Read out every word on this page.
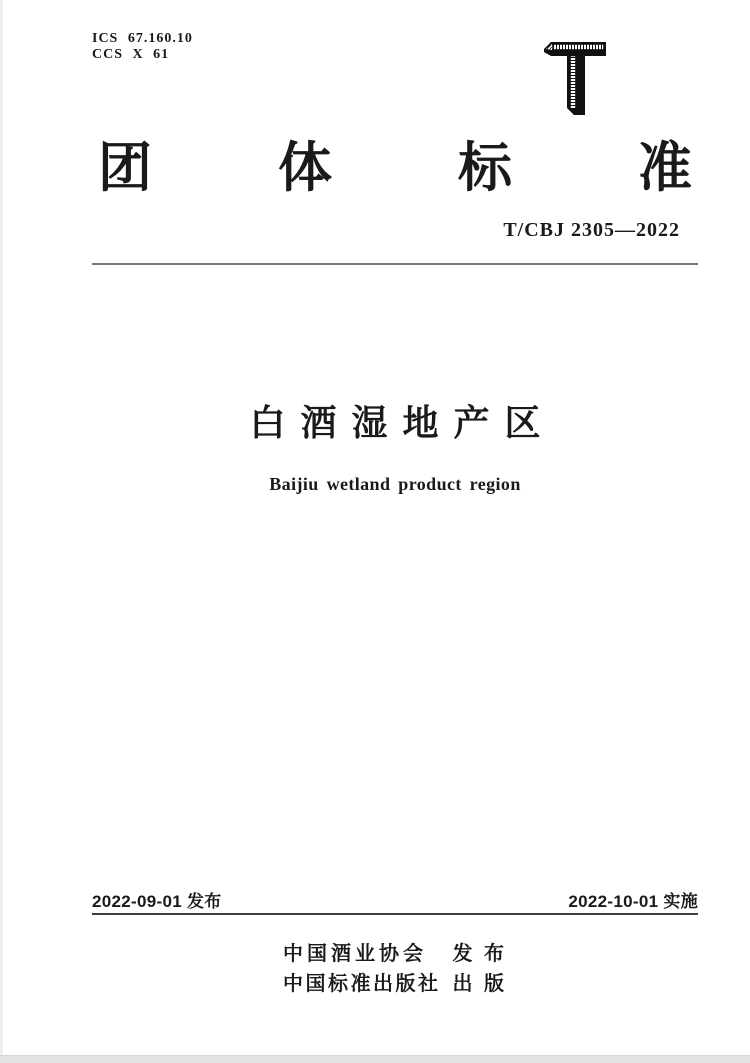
ICS 67.160.10
CCS X 61
团 体 标 准
T/CBJ 2305—2022
白酒湿地产区
Baijiu wetland product region
2022-09-01 发布	2022-10-01 实施
中国酒业协会 发 布
中国标准出版社 出 版
